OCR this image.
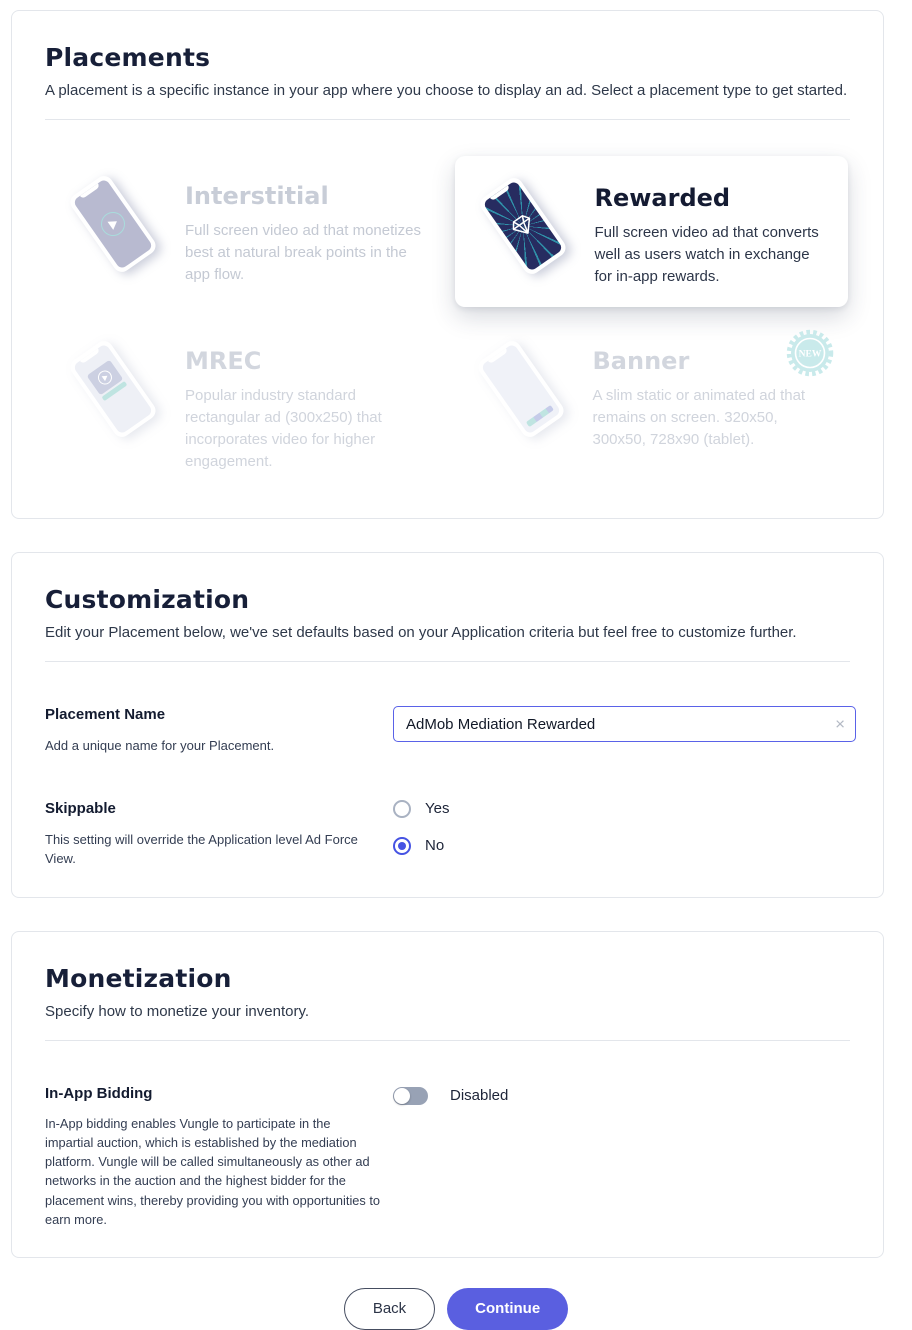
Placements

A placement is a specific instance in your app where you choose to display an ad. Select a placement type to get started.

Interstitial

Full screen video ad that monetizes best at natural break points in the app flow.

Rewarded

Full screen video ad that converts well as users watch in exchange for in-app rewards.

MREC

Popular industry standard rectangular ad (300x250) that incorporates video for higher engagement.

Banner

A slim static or animated ad that remains on screen. 320x50, 300x50, 728x90 (tablet).

NEW
Customization

Edit your Placement below, we've set defaults based on your Application criteria but feel free to customize further.

Placement Name
Add a unique name for your Placement.
AdMob Mediation Rewarded
×
Skippable
This setting will override the Application level Ad Force View.
Yes
No
Monetization

Specify how to monetize your inventory.

In-App Bidding
In-App bidding enables Vungle to participate in the impartial auction, which is established by the mediation platform. Vungle will be called simultaneously as other ad networks in the auction and the highest bidder for the placement wins, thereby providing you with opportunities to earn more.
Disabled
Back	Continue
